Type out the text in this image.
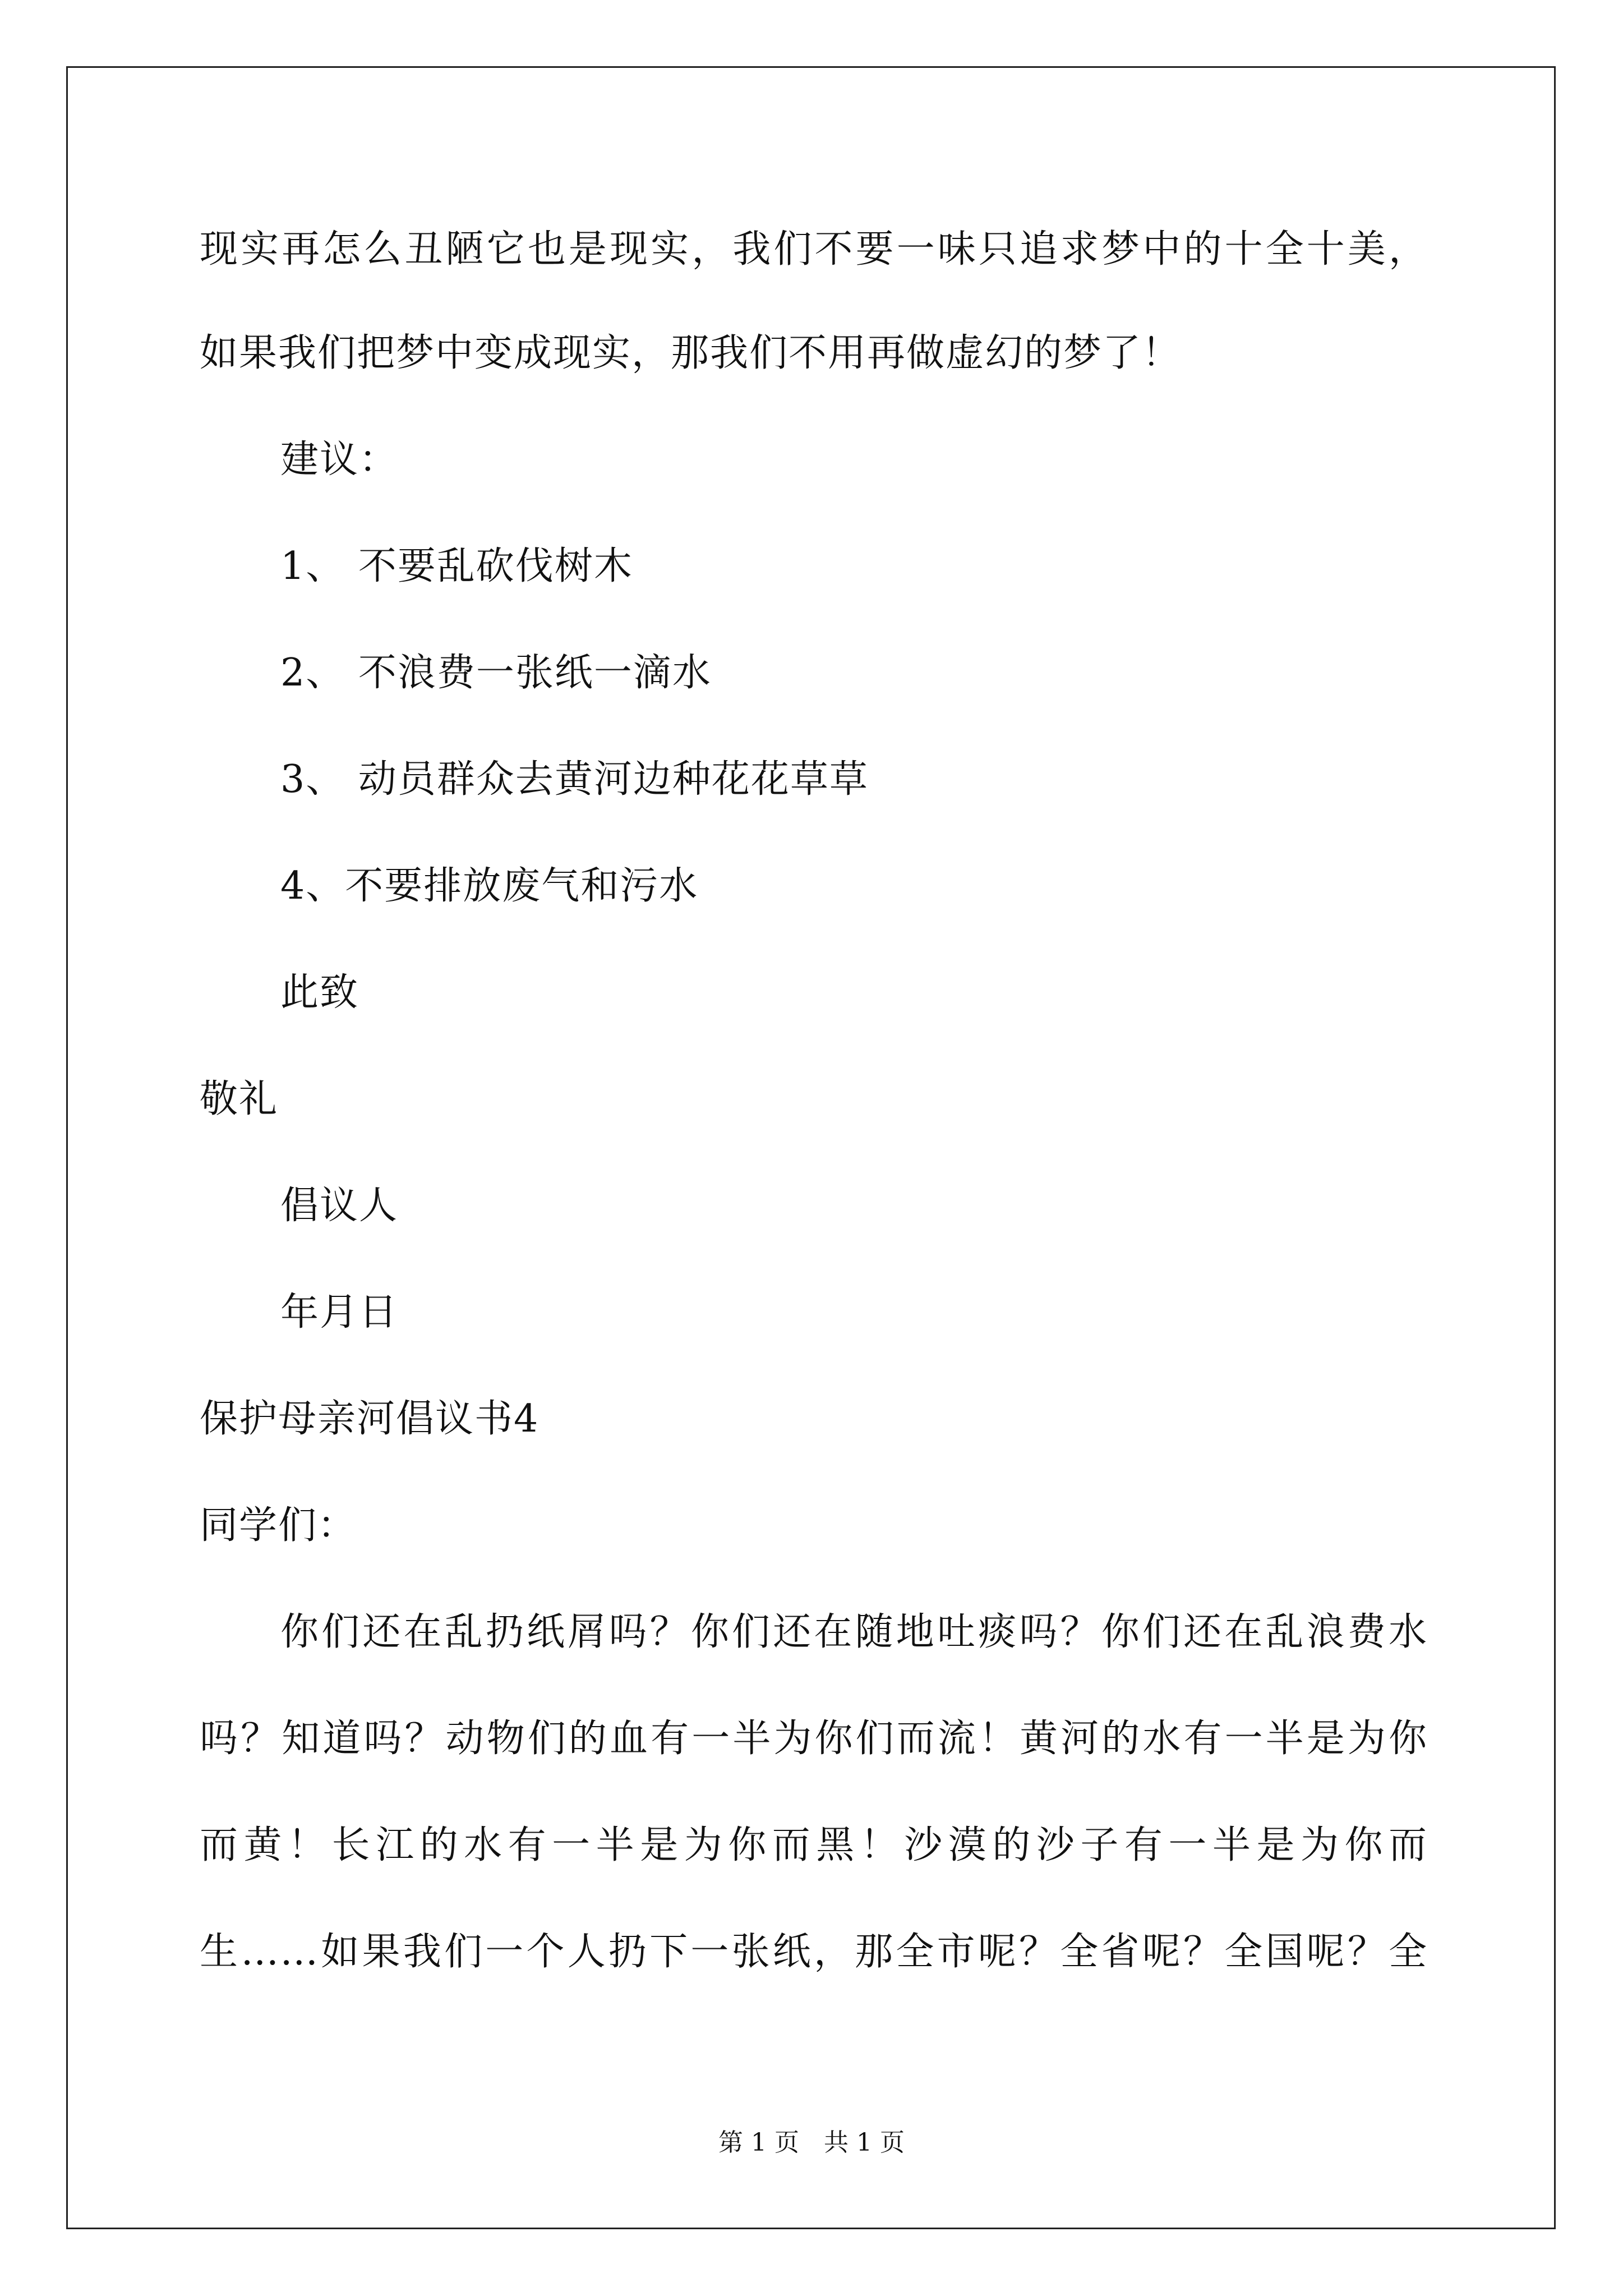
现实再怎么丑陋它也是现实，我们不要一味只追求梦中的十全十美，
如果我们把梦中变成现实，那我们不用再做虚幻的梦了！
建议：
1、 不要乱砍伐树木
2、 不浪费一张纸一滴水
3、 动员群众去黄河边种花花草草
4、不要排放废气和污水
此致
敬礼
倡议人
年月日
保护母亲河倡议书4
同学们：
你们还在乱扔纸屑吗？你们还在随地吐痰吗？你们还在乱浪费水
吗？知道吗？动物们的血有一半为你们而流！黄河的水有一半是为你
而黄！长江的水有一半是为你而黑！沙漠的沙子有一半是为你而
生……如果我们一个人扔下一张纸，那全市呢？全省呢？全国呢？全
第 1 页　共 1 页
